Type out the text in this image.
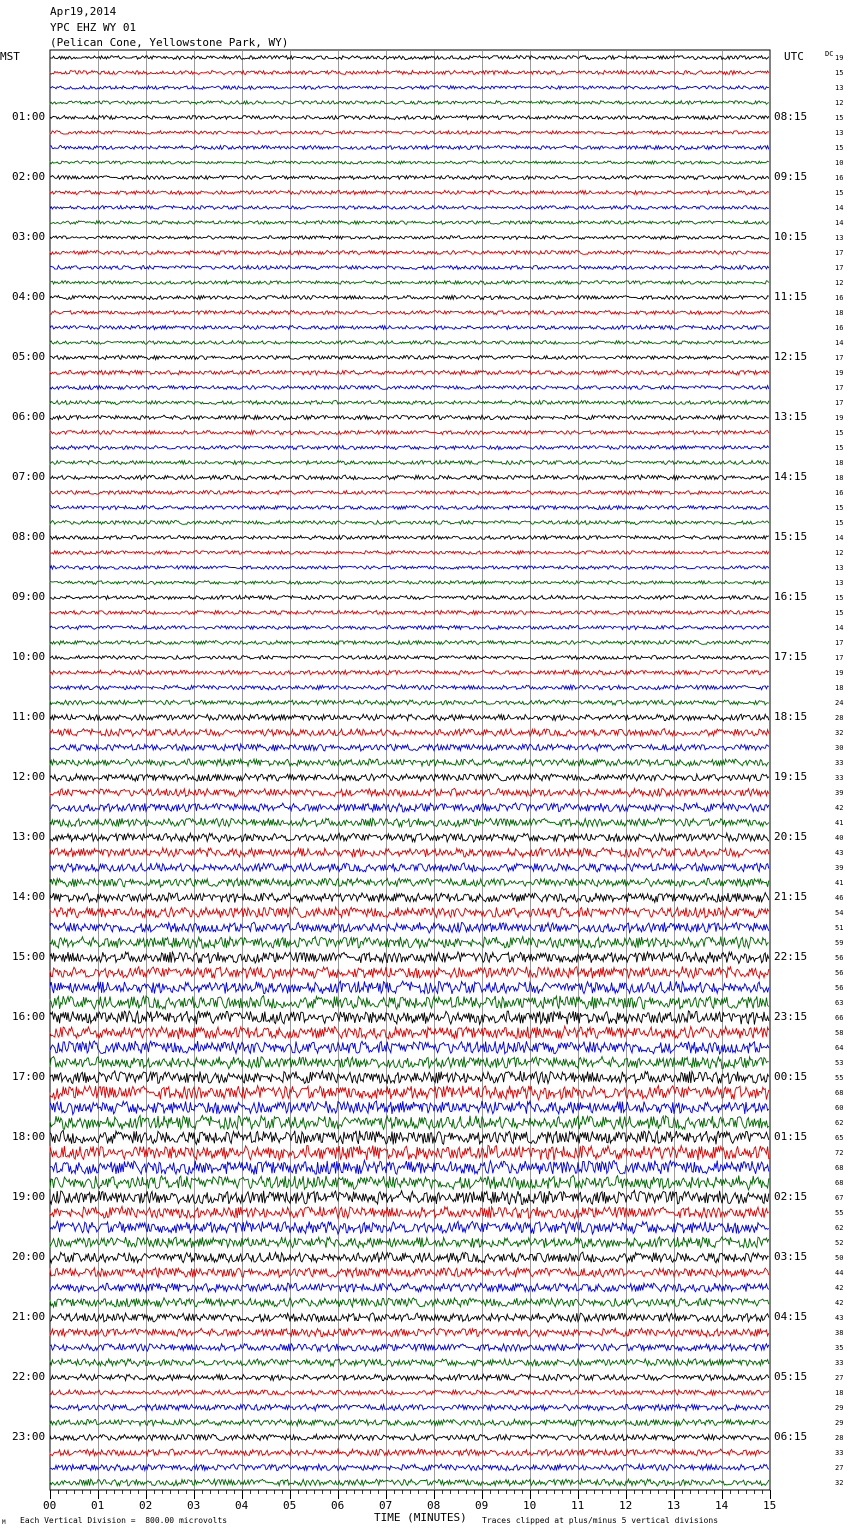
Apr19,2014
YPC EHZ WY 01
(Pelican Cone, Yellowstone Park, WY)
MST	UTC	DC
01:00
02:00
03:00
04:00
05:00
06:00
07:00
08:00
09:00
10:00
11:00
12:00
13:00
14:00
15:00
16:00
17:00
18:00
19:00
20:00
21:00
22:00
23:00
08:15
09:15
10:15
11:15
12:15
13:15
14:15
15:15
16:15
17:15
18:15
19:15
20:15
21:15
22:15
23:15
00:15
01:15
02:15
03:15
04:15
05:15
06:15
19
15
13
12
15
13
15
10
16
15
14
14
13
17
17
12
16
18
16
14
17
19
17
17
19
15
15
18
18
16
15
15
14
12
13
13
15
15
14
17
17
19
18
24
28
32
30
33
33
39
42
41
40
43
39
41
46
54
51
59
56
56
56
63
66
58
64
53
55
68
60
62
65
72
68
68
67
55
62
52
50
44
42
42
43
38
35
33
27
18
29
29
28
33
27
32
00	01	02	03	04	05	06	07	08	09	10	11	12	13	14	15
M Each Vertical Division =  800.00 microvolts	TIME (MINUTES) Traces clipped at plus/minus 5 vertical divisions
